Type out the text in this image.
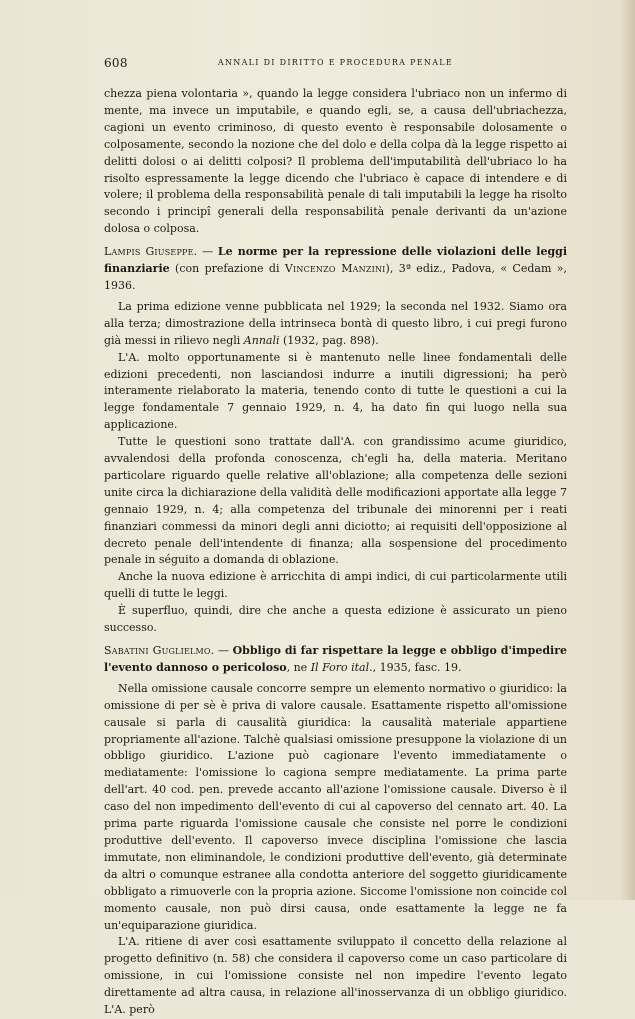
608	ANNALI DI DIRITTO E PROCEDURA PENALE

chezza piena volontaria », quando la legge considera l'ubriaco non un infermo di mente, ma invece un imputabile, e quando egli, se, a causa dell'ubriachezza, cagioni un evento criminoso, di questo evento è responsabile dolosamente o colposamente, secondo la nozione che del dolo e della colpa dà la legge rispetto ai delitti dolosi o ai delitti colposi? Il problema dell'imputabilità dell'ubriaco lo ha risolto espressamente la legge dicendo che l'ubriaco è capace di intendere e di volere; il problema della responsabilità penale di tali imputabili la legge ha risolto secondo i principî generali della responsabilità penale derivanti da un'azione dolosa o colposa.

Lampis Giuseppe. — Le norme per la repressione delle violazioni delle leggi finanziarie (con prefazione di Vincenzo Manzini), 3ª ediz., Padova, « Cedam », 1936.

La prima edizione venne pubblicata nel 1929; la seconda nel 1932. Siamo ora alla terza; dimostrazione della intrinseca bontà di questo libro, i cui pregi furono già messi in rilievo negli Annali (1932, pag. 898).

L'A. molto opportunamente si è mantenuto nelle linee fondamentali delle edizioni precedenti, non lasciandosi indurre a inutili digressioni; ha però interamente rielaborato la materia, tenendo conto di tutte le questioni a cui la legge fondamentale 7 gennaio 1929, n. 4, ha dato fin qui luogo nella sua applicazione.

Tutte le questioni sono trattate dall'A. con grandissimo acume giuridico, avvalendosi della profonda conoscenza, ch'egli ha, della materia. Meritano particolare riguardo quelle relative all'oblazione; alla competenza delle sezioni unite circa la dichiarazione della validità delle modificazioni apportate alla legge 7 gennaio 1929, n. 4; alla competenza del tribunale dei minorenni per i reati finanziari commessi da minori degli anni diciotto; ai requisiti dell'opposizione al decreto penale dell'intendente di finanza; alla sospensione del procedimento penale in séguito a domanda di oblazione.

Anche la nuova edizione è arricchita di ampi indici, di cui particolarmente utili quelli di tutte le leggi.

È superfluo, quindi, dire che anche a questa edizione è assicurato un pieno successo.

Sabatini Guglielmo. — Obbligo di far rispettare la legge e obbligo d'impedire l'evento dannoso o pericoloso, ne Il Foro ital., 1935, fasc. 19.

Nella omissione causale concorre sempre un elemento normativo o giuridico: la omissione di per sè è priva di valore causale. Esattamente rispetto all'omissione causale si parla di causalità giuridica: la causalità materiale appartiene propriamente all'azione. Talchè qualsiasi omissione presuppone la violazione di un obbligo giuridico. L'azione può cagionare l'evento immediatamente o mediatamente: l'omissione lo cagiona sempre mediatamente. La prima parte dell'art. 40 cod. pen. prevede accanto all'azione l'omissione causale. Diverso è il caso del non impedimento dell'evento di cui al capoverso del cennato art. 40. La prima parte riguarda l'omissione causale che consiste nel porre le condizioni produttive dell'evento. Il capoverso invece disciplina l'omissione che lascia immutate, non eliminandole, le condizioni produttive dell'evento, già determinate da altri o comunque estranee alla condotta anteriore del soggetto giuridicamente obbligato a rimuoverle con la propria azione. Siccome l'omissione non coincide col momento causale, non può dirsi causa, onde esattamente la legge ne fa un'equiparazione giuridica.

L'A. ritiene di aver così esattamente sviluppato il concetto della relazione al progetto definitivo (n. 58) che considera il capoverso come un caso particolare di omissione, in cui l'omissione consiste nel non impedire l'evento legato direttamente ad altra causa, in relazione all'inosservanza di un obbligo giuridico. L'A. però
